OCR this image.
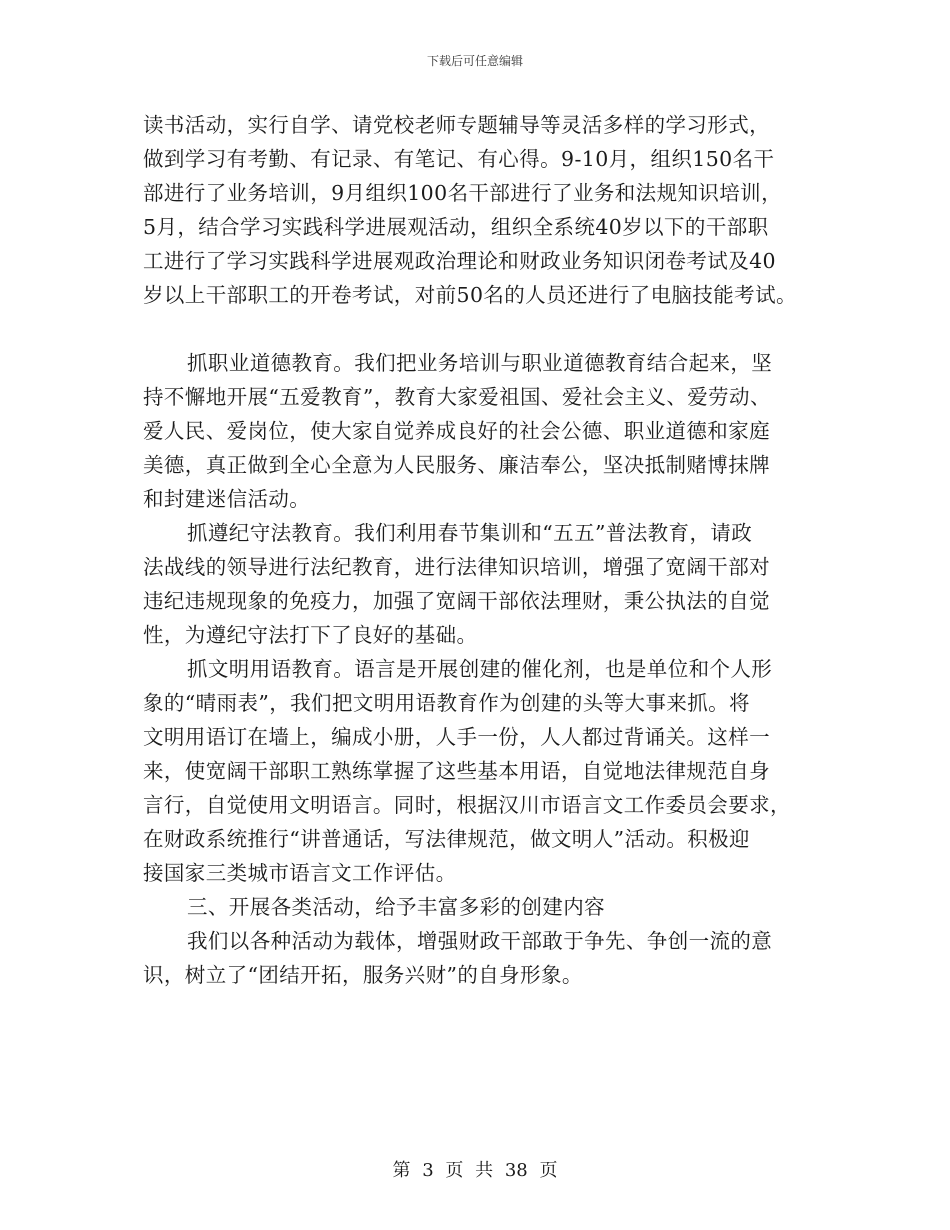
下载后可任意编辑
读书活动，实行自学、请党校老师专题辅导等灵活多样的学习形式，
做到学习有考勤、有记录、有笔记、有心得。9-10月，组织150名干
部进行了业务培训，9月组织100名干部进行了业务和法规知识培训，
5月，结合学习实践科学进展观活动，组织全系统40岁以下的干部职
工进行了学习实践科学进展观政治理论和财政业务知识闭卷考试及40
岁以上干部职工的开卷考试，对前50名的人员还进行了电脑技能考试。
抓职业道德教育。我们把业务培训与职业道德教育结合起来，坚
持不懈地开展“五爱教育”，教育大家爱祖国、爱社会主义、爱劳动、
爱人民、爱岗位，使大家自觉养成良好的社会公德、职业道德和家庭
美德，真正做到全心全意为人民服务、廉洁奉公，坚决抵制赌博抹牌
和封建迷信活动。
抓遵纪守法教育。我们利用春节集训和“五五”普法教育，请政
法战线的领导进行法纪教育，进行法律知识培训，增强了宽阔干部对
违纪违规现象的免疫力，加强了宽阔干部依法理财，秉公执法的自觉
性，为遵纪守法打下了良好的基础。
抓文明用语教育。语言是开展创建的催化剂，也是单位和个人形
象的“晴雨表”，我们把文明用语教育作为创建的头等大事来抓。将
文明用语订在墙上，编成小册，人手一份，人人都过背诵关。这样一
来，使宽阔干部职工熟练掌握了这些基本用语，自觉地法律规范自身
言行，自觉使用文明语言。同时，根据汉川市语言文工作委员会要求，
在财政系统推行“讲普通话，写法律规范，做文明人”活动。积极迎
接国家三类城市语言文工作评估。
三、开展各类活动，给予丰富多彩的创建内容
我们以各种活动为载体，增强财政干部敢于争先、争创一流的意
识，树立了“团结开拓，服务兴财”的自身形象。
第 3 页 共 38 页
